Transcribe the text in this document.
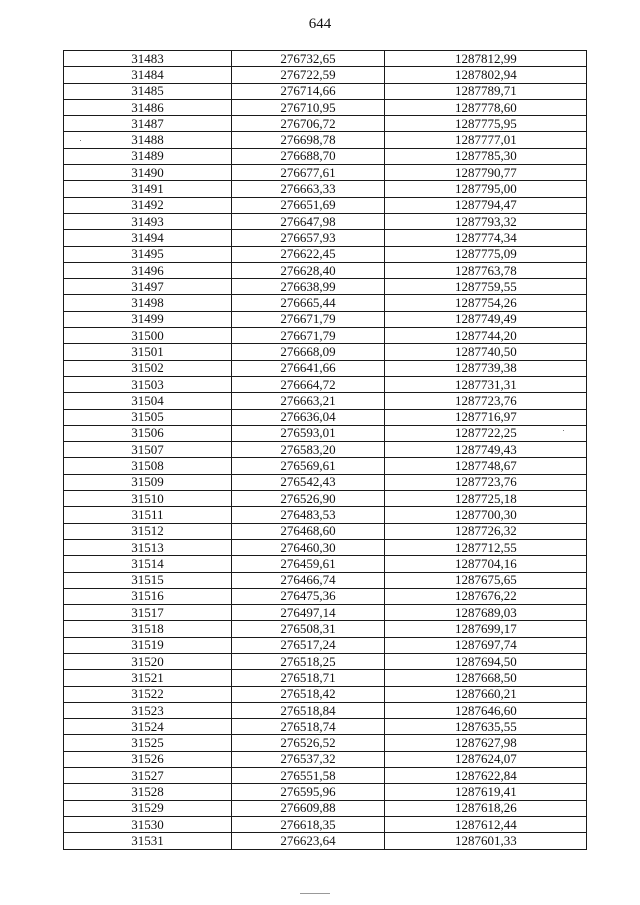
644
31483	276732,65	1287812,99
31484	276722,59	1287802,94
31485	276714,66	1287789,71
31486	276710,95	1287778,60
31487	276706,72	1287775,95
31488	276698,78	1287777,01
31489	276688,70	1287785,30
31490	276677,61	1287790,77
31491	276663,33	1287795,00
31492	276651,69	1287794,47
31493	276647,98	1287793,32
31494	276657,93	1287774,34
31495	276622,45	1287775,09
31496	276628,40	1287763,78
31497	276638,99	1287759,55
31498	276665,44	1287754,26
31499	276671,79	1287749,49
31500	276671,79	1287744,20
31501	276668,09	1287740,50
31502	276641,66	1287739,38
31503	276664,72	1287731,31
31504	276663,21	1287723,76
31505	276636,04	1287716,97
31506	276593,01	1287722,25
31507	276583,20	1287749,43
31508	276569,61	1287748,67
31509	276542,43	1287723,76
31510	276526,90	1287725,18
31511	276483,53	1287700,30
31512	276468,60	1287726,32
31513	276460,30	1287712,55
31514	276459,61	1287704,16
31515	276466,74	1287675,65
31516	276475,36	1287676,22
31517	276497,14	1287689,03
31518	276508,31	1287699,17
31519	276517,24	1287697,74
31520	276518,25	1287694,50
31521	276518,71	1287668,50
31522	276518,42	1287660,21
31523	276518,84	1287646,60
31524	276518,74	1287635,55
31525	276526,52	1287627,98
31526	276537,32	1287624,07
31527	276551,58	1287622,84
31528	276595,96	1287619,41
31529	276609,88	1287618,26
31530	276618,35	1287612,44
31531	276623,64	1287601,33
